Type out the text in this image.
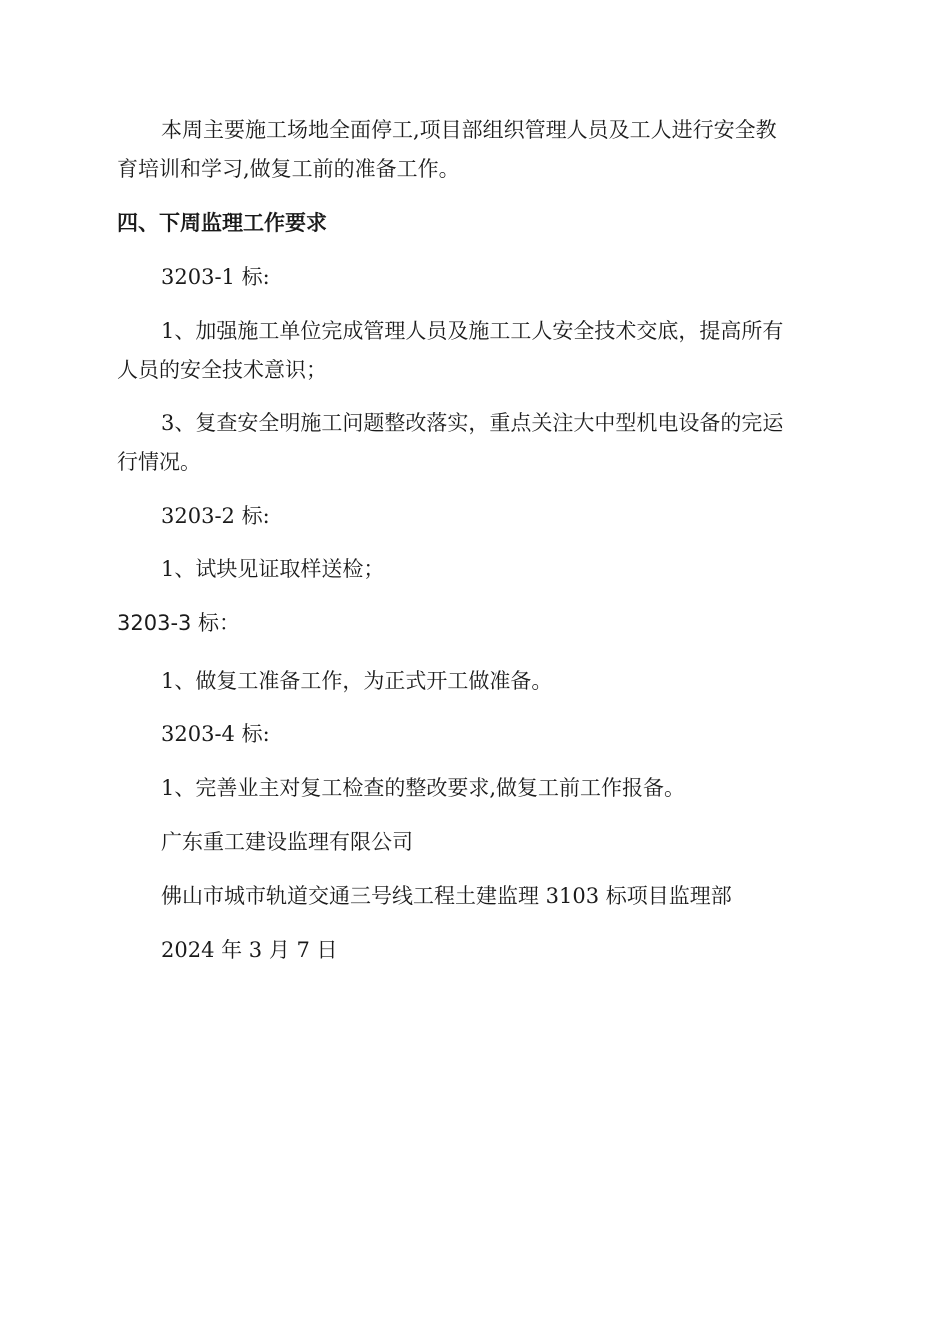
本周主要施工场地全面停工,项目部组织管理人员及工人进行安全教
育培训和学习,做复工前的准备工作。
四、下周监理工作要求
3203-1 标:
1、加强施工单位完成管理人员及施工工人安全技术交底，提高所有
人员的安全技术意识；
3、复查安全明施工问题整改落实，重点关注大中型机电设备的完运
行情况。
3203-2 标:
1、试块见证取样送检；
3203-3 标：
1、做复工准备工作，为正式开工做准备。
3203-4 标:
1、完善业主对复工检查的整改要求,做复工前工作报备。
广东重工建设监理有限公司
佛山市城市轨道交通三号线工程土建监理 3103 标项目监理部
2024 年 3 月 7 日
